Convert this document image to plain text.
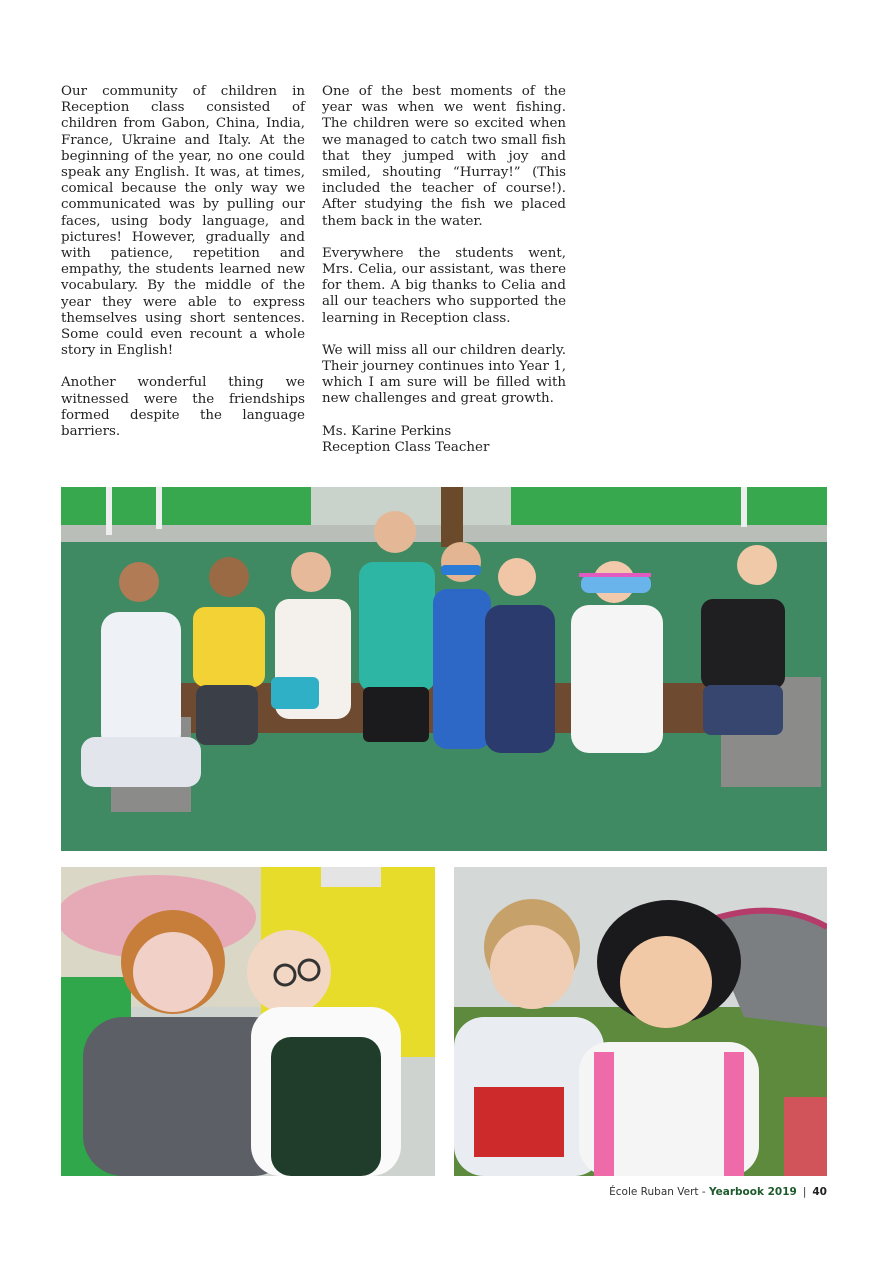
Our community of children in Reception class consisted of children from Gabon, China, India, France, Ukraine and Italy. At the beginning of the year, no one could speak any English. It was, at times, comical because the only way we communicated was by pulling our faces, using body language, and pictures! However, gradually and with patience, repetition and empathy, the students learned new vocabulary. By the middle of the year they were able to express themselves using short sentences. Some could even recount a whole story in English!

Another wonderful thing we witnessed were the friendships formed despite the language barriers.

One of the best moments of the year was when we went fishing. The children were so excited when we managed to catch two small fish that they jumped with joy and smiled, shouting “Hurray!” (This included the teacher of course!). After studying the fish we placed them back in the water.

Everywhere the students went, Mrs. Celia, our assistant, was there for them. A big thanks to Celia and all our teachers who supported the learning in Reception class.

We will miss all our children dearly. Their journey continues into Year 1, which I am sure will be filled with new challenges and great growth.

Ms. Karine Perkins

Reception Class Teacher

École Ruban Vert - Yearbook 2019 | 40
